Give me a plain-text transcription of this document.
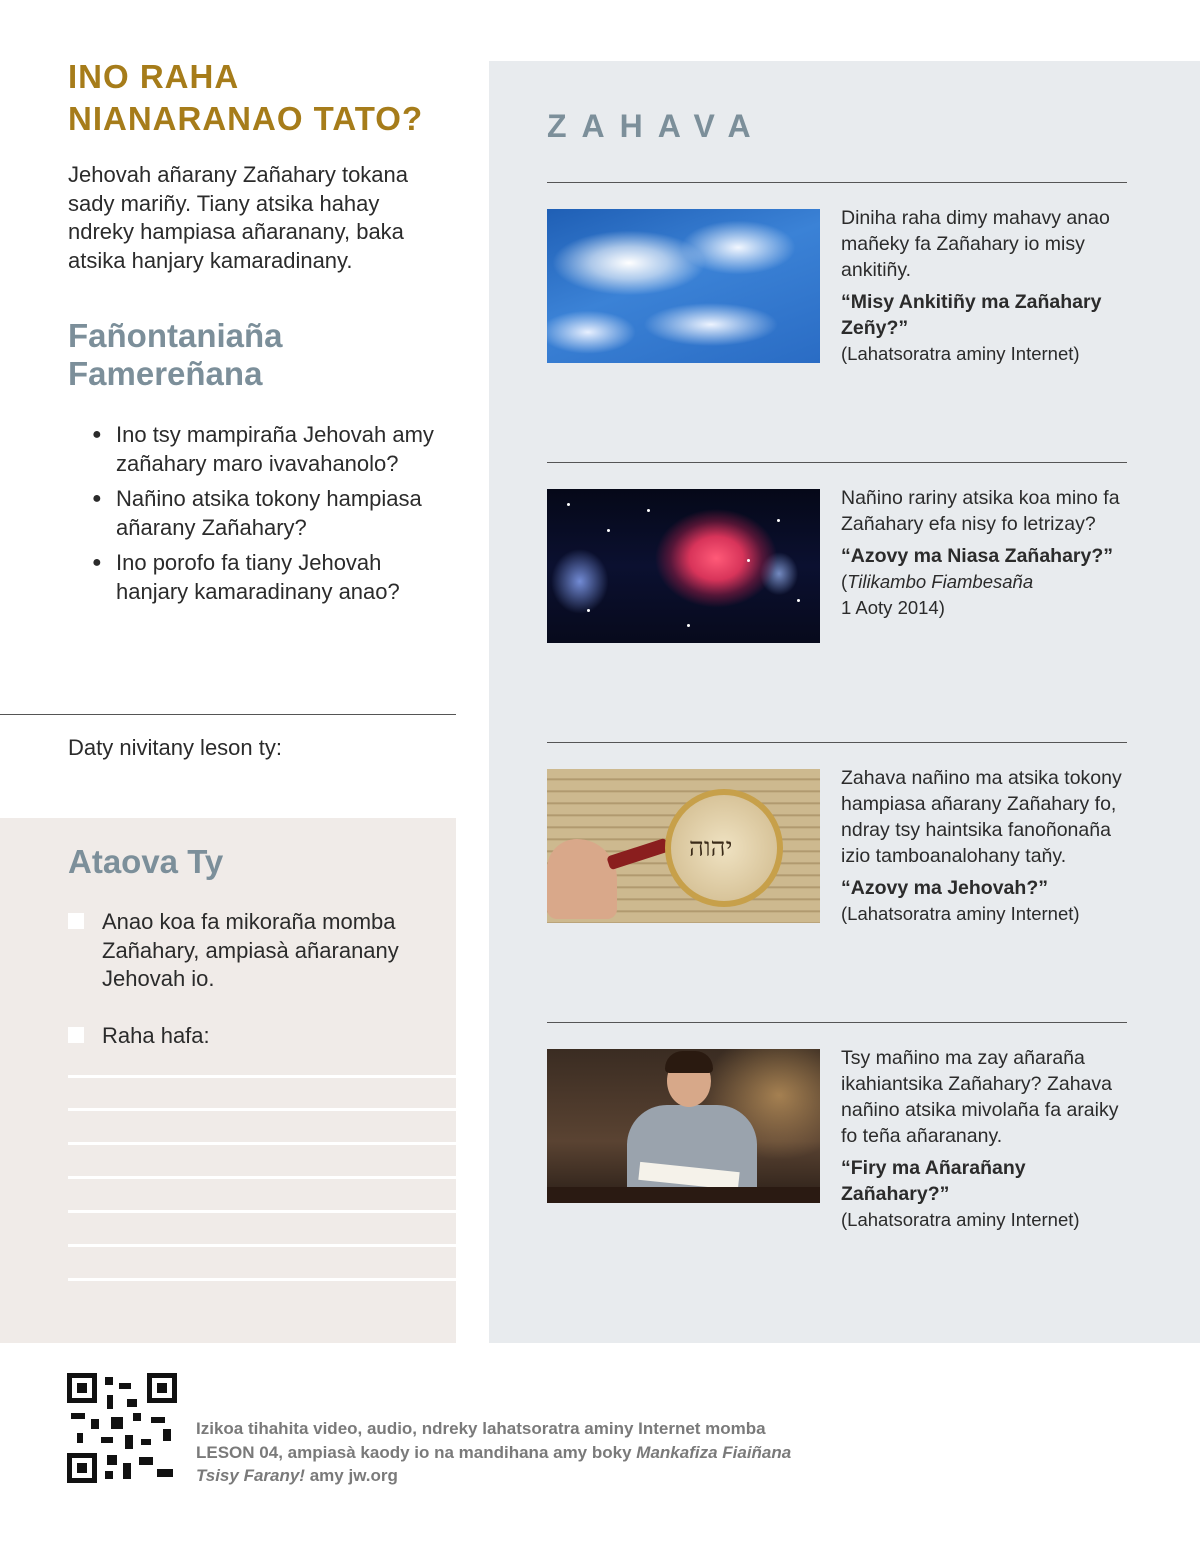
INO RAHA NIANARANAO TATO?

Jehovah añarany Zañahary tokana sady mariñy. Tiany atsika hahay ndreky hampiasa añaranany, baka atsika hanjary kamaradinany.

Fañontaniaña Famereñana
● Ino tsy mampiraña Jehovah amy zañahary maro ivavahanolo?
● Nañino atsika tokony hampiasa añarany Zañahary?
● Ino porofo fa tiany Jehovah hanjary kamaradinany anao?
Daty nivitany leson ty:
Ataova Ty
Anao koa fa mikoraña momba Zañahary, ampiasà añaranany Jehovah io.
Raha hafa:
ZAHAVA

Diniha raha dimy mahavy anao mañeky fa Zañahary io misy ankitiñy.

“Misy Ankitiñy ma Zañahary Zeñy?”

(Lahatsoratra aminy Internet)

Nañino rariny atsika koa mino fa Zañahary efa nisy fo letrizay?

“Azovy ma Niasa Zañahary?”

(Tilikambo Fiambesaña
1 Aoty 2014)

יהוה

Zahava nañino ma atsika tokony hampiasa añarany Zañahary fo, ndray tsy haintsika fanoñonaña izio tamboanalohany taňy.

“Azovy ma Jehovah?”

(Lahatsoratra aminy Internet)

Tsy mañino ma zay añaraña ikahiantsika Zañahary? Zahava nañino atsika mivolaña fa araiky fo teña añaranany.

“Firy ma Añarañany Zañahary?”

(Lahatsoratra aminy Internet)

Izikoa tihahita video, audio, ndreky lahatsoratra aminy Internet momba LESON 04, ampiasà kaody io na mandihana amy boky Mankafiza Fiaiñana Tsisy Farany! amy jw.org
